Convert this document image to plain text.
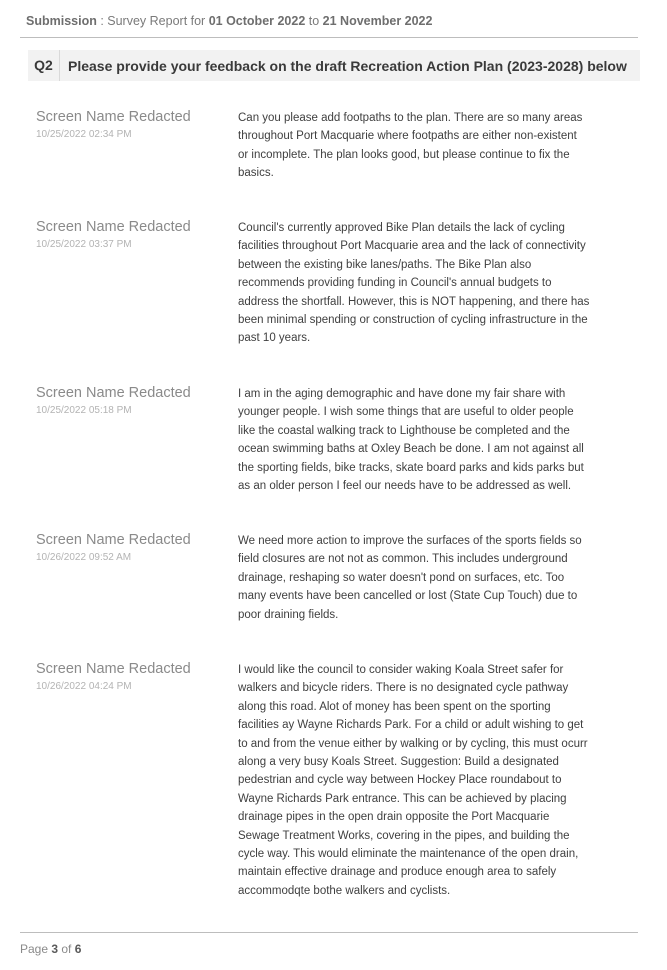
Submission : Survey Report for 01 October 2022 to 21 November 2022
Q2	Please provide your feedback on the draft Recreation Action Plan (2023-2028) below
Screen Name Redacted
10/25/2022 02:34 PM
Can you please add footpaths to the plan. There are so many areas throughout Port Macquarie where footpaths are either non-existent or incomplete. The plan looks good, but please continue to fix the basics.
Screen Name Redacted
10/25/2022 03:37 PM
Council's currently approved Bike Plan details the lack of cycling facilities throughout Port Macquarie area and the lack of connectivity between the existing bike lanes/paths. The Bike Plan also recommends providing funding in Council's annual budgets to address the shortfall. However, this is NOT happening, and there has been minimal spending or construction of cycling infrastructure in the past 10 years.
Screen Name Redacted
10/25/2022 05:18 PM
I am in the aging demographic and have done my fair share with younger people. I wish some things that are useful to older people like the coastal walking track to Lighthouse be completed and the ocean swimming baths at Oxley Beach be done. I am not against all the sporting fields, bike tracks, skate board parks and kids parks but as an older person I feel our needs have to be addressed as well.
Screen Name Redacted
10/26/2022 09:52 AM
We need more action to improve the surfaces of the sports fields so field closures are not not as common. This includes underground drainage, reshaping so water doesn't pond on surfaces, etc. Too many events have been cancelled or lost (State Cup Touch) due to poor draining fields.
Screen Name Redacted
10/26/2022 04:24 PM
I would like the council to consider waking Koala Street safer for walkers and bicycle riders. There is no designated cycle pathway along this road. Alot of money has been spent on the sporting facilities ay Wayne Richards Park. For a child or adult wishing to get to and from the venue either by walking or by cycling, this must ocurr along a very busy Koals Street. Suggestion: Build a designated pedestrian and cycle way between Hockey Place roundabout to Wayne Richards Park entrance. This can be achieved by placing drainage pipes in the open drain opposite the Port Macquarie Sewage Treatment Works, covering in the pipes, and building the cycle way. This would eliminate the maintenance of the open drain, maintain effective drainage and produce enough area to safely accommodqte bothe walkers and cyclists.
Page 3 of 6
